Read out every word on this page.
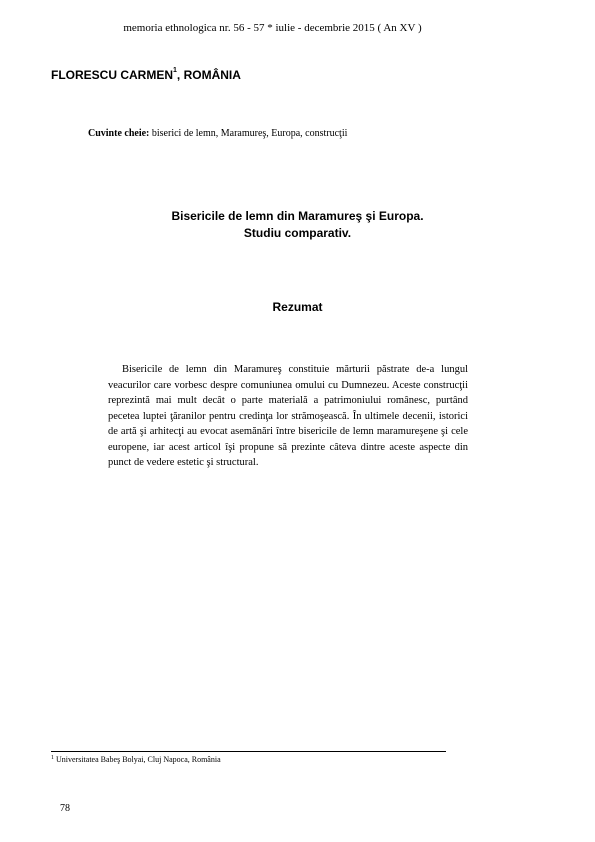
memoria ethnologica nr. 56 - 57 * iulie - decembrie 2015 ( An XV )
FLORESCU CARMEN$^1$, ROMÂNIA
Cuvinte cheie: biserici de lemn, Maramureş, Europa, construcţii
Bisericile de lemn din Maramureş şi Europa.
Studiu comparativ.
Rezumat

Bisericile de lemn din Maramureş constituie mărturii păstrate de-a lungul veacurilor care vorbesc despre comuniunea omului cu Dumnezeu. Aceste construcţii reprezintă mai mult decât o parte materială a patrimoniului românesc, purtând pecetea luptei ţăranilor pentru credinţa lor strămoşească. În ultimele decenii, istorici de artă şi arhitecţi au evocat asemănări între bisericile de lemn maramureşene şi cele europene, iar acest articol îşi propune să prezinte câteva dintre aceste aspecte din punct de vedere estetic şi structural.

$^1$ Universitatea Babeş Bolyai, Cluj Napoca, România
78
